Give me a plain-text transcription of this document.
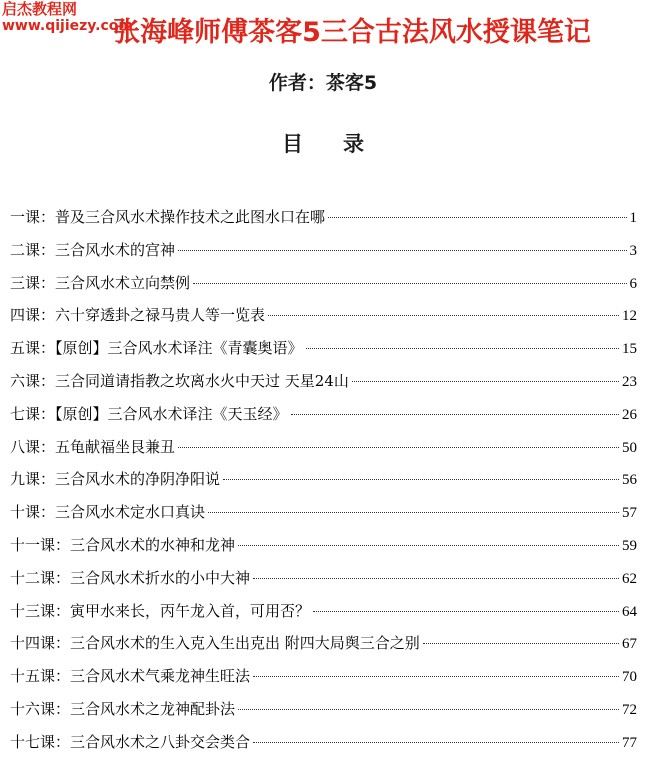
启杰教程网
www.qijiezy.com
张海峰师傅茶客5三合古法风水授课笔记
作者：茶客5
目录
一课：普及三合风水术操作技术之此图水口在哪	1
二课：三合风水术的宫神	3
三课：三合风水术立向禁例	6
四课：六十穿透卦之禄马贵人等一览表	12
五课：【原创】三合风水术译注《青囊奥语》	15
六课：三合同道请指教之坎离水火中天过 天星24山	23
七课：【原创】三合风水术译注《天玉经》	26
八课：五龟献福坐艮兼丑	50
九课：三合风水术的净阴净阳说	56
十课：三合风水术定水口真诀	57
十一课：三合风水术的水神和龙神	59
十二课：三合风水术折水的小中大神	62
十三课：寅甲水来长，丙午龙入首，可用否？	64
十四课：三合风水术的生入克入生出克出 附四大局舆三合之别	67
十五课：三合风水术气乘龙神生旺法	70
十六课：三合风水术之龙神配卦法	72
十七课：三合风水术之八卦交会类合	77
